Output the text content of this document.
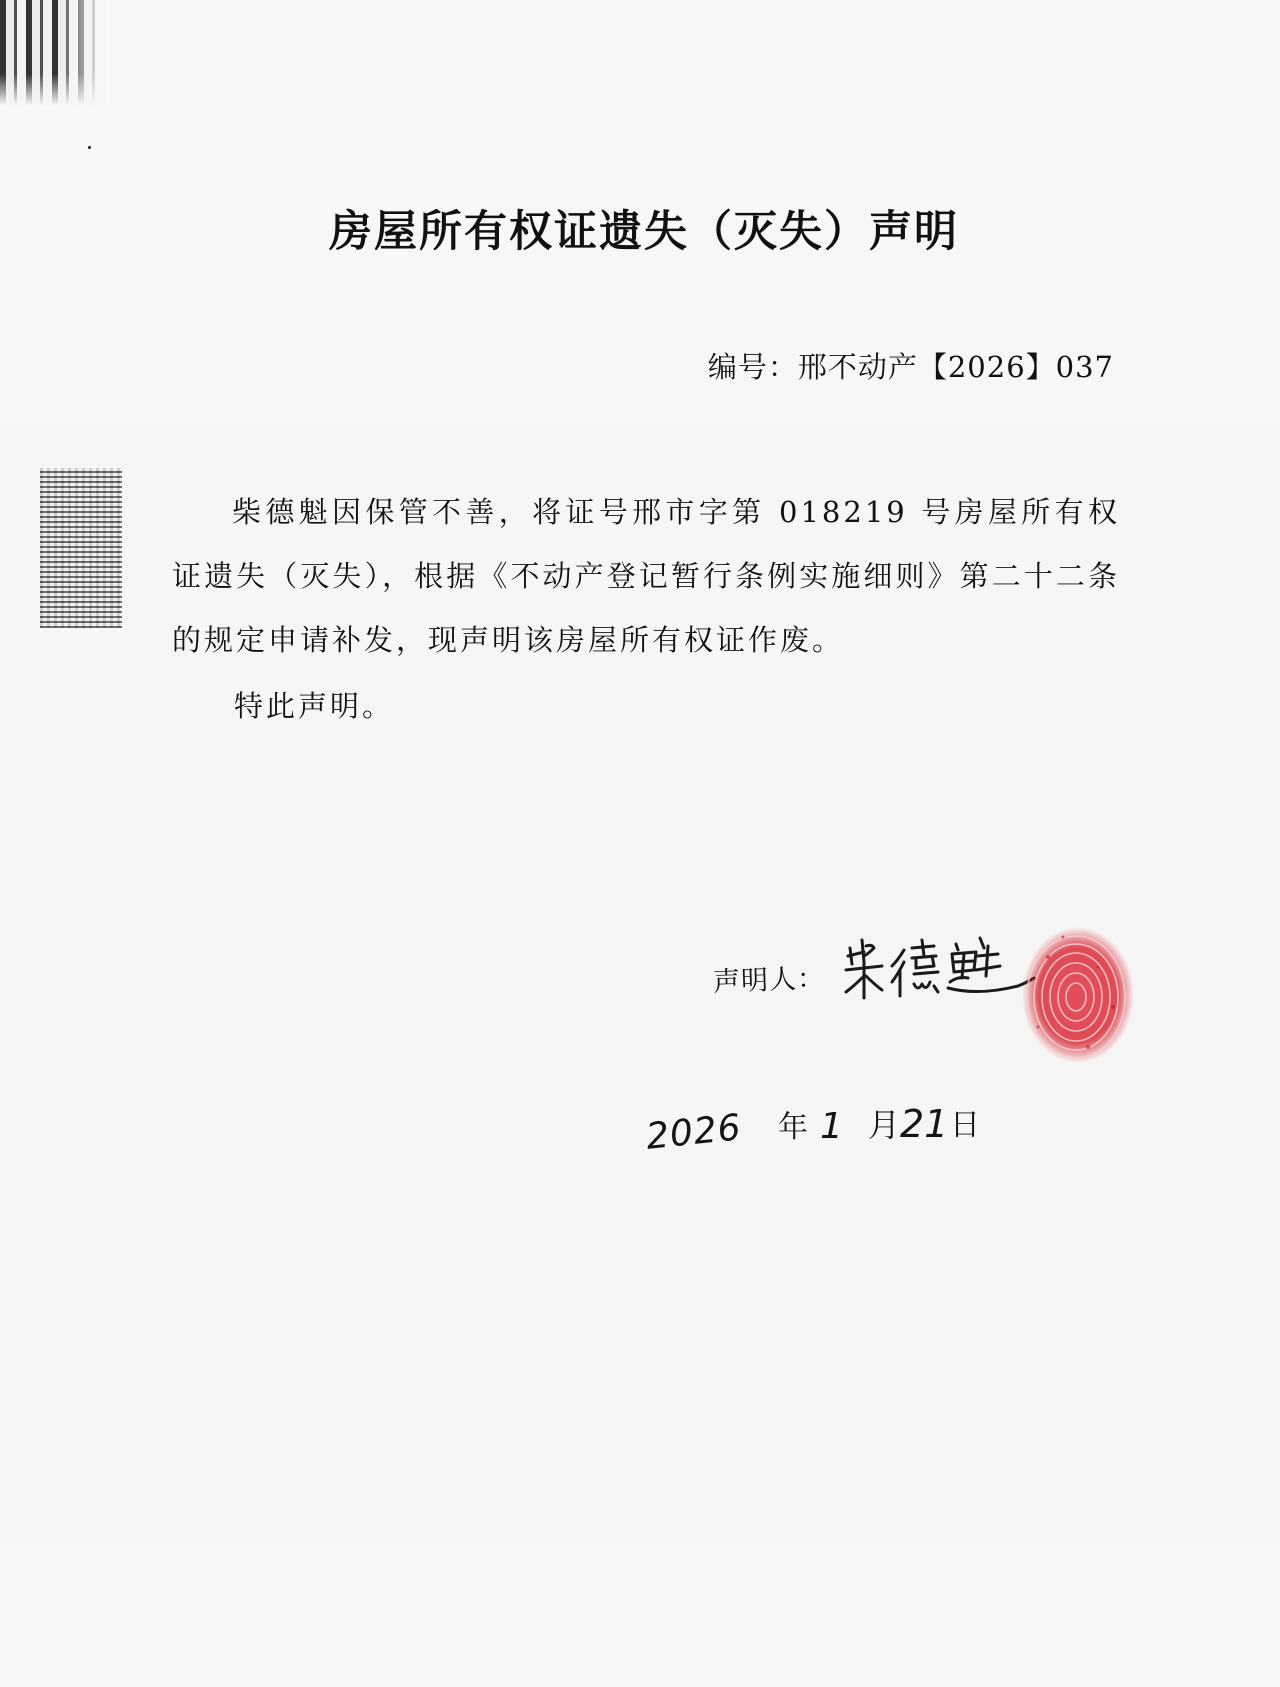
房屋所有权证遗失（灭失）声明
编号：邢不动产【2026】037
柴德魁因保管不善，将证号邢市字第 018219 号房屋所有权证遗失（灭失），根据《不动产登记暂行条例实施细则》第二十二条的规定申请补发，现声明该房屋所有权证作废。
特此声明。
声明人：
2026 年 1 月 21 日
